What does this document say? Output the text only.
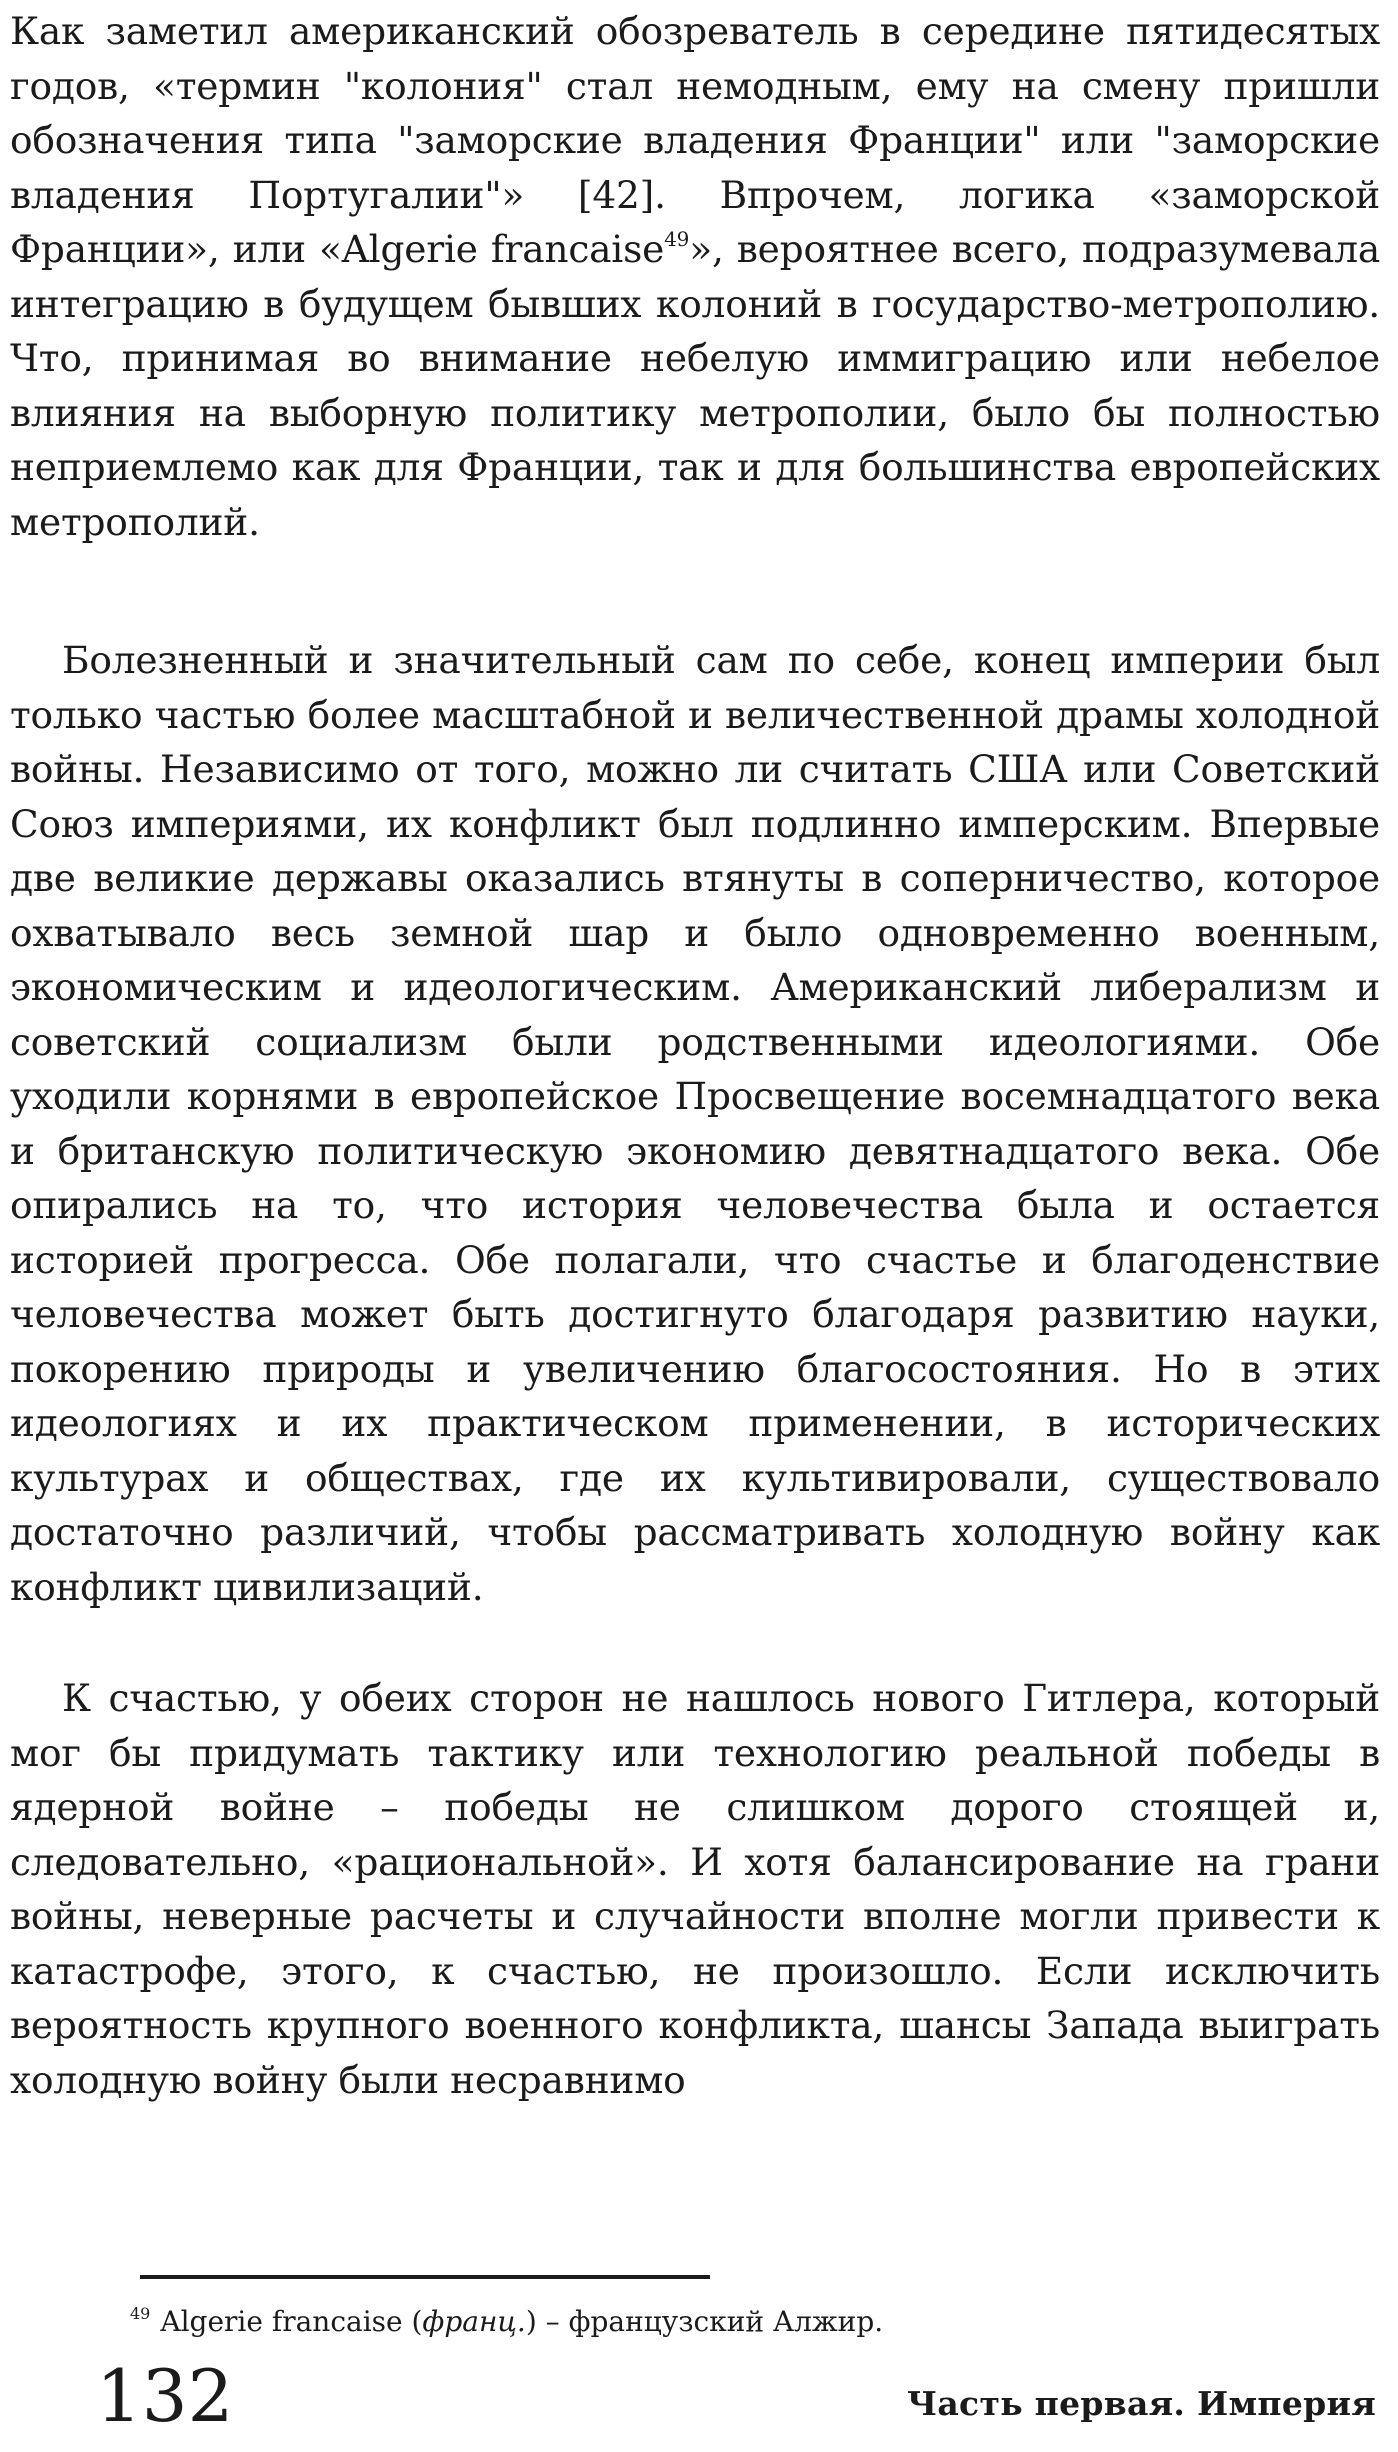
Как заметил американский обозреватель в середине пятидесятых годов, «термин "колония" стал немодным, ему на смену пришли обозначения типа "заморские владения Франции" или "заморские владения Португалии"» [42]. Впрочем, логика «заморской Франции», или «Algerie francaise$^{49}$», вероятнее всего, подразумевала интеграцию в будущем бывших колоний в государство-метрополию. Что, принимая во внимание небелую иммиграцию или небелое влияния на выборную политику метрополии, было бы полностью неприемлемо как для Франции, так и для большинства европейских метрополий.

Болезненный и значительный сам по себе, конец империи был только частью более масштабной и величественной драмы холодной войны. Независимо от того, можно ли считать США или Советский Союз империями, их конфликт был подлинно имперским. Впервые две великие державы оказались втянуты в соперничество, которое охватывало весь земной шар и было одновременно военным, экономическим и идеологическим. Американский либерализм и советский социализм были родственными идеологиями. Обе уходили корнями в европейское Просвещение восемнадцатого века и британскую политическую экономию девятнадцатого века. Обе опирались на то, что история человечества была и остается историей прогресса. Обе полагали, что счастье и благоденствие человечества может быть достигнуто благодаря развитию науки, покорению природы и увеличению благосостояния. Но в этих идеологиях и их практическом применении, в исторических культурах и обществах, где их культивировали, существовало достаточно различий, чтобы рассматривать холодную войну как конфликт цивилизаций.

К счастью, у обеих сторон не нашлось нового Гитлера, который мог бы придумать тактику или технологию реальной победы в ядерной войне – победы не слишком дорого стоящей и, следовательно, «рациональной». И хотя балансирование на грани войны, неверные расчеты и случайности вполне могли привести к катастрофе, этого, к счастью, не произошло. Если исключить вероятность крупного военного конфликта, шансы Запада выиграть холодную войну были несравнимо

$^{49}$ Algerie francaise (франц.) – французский Алжир.

132	Часть первая. Империя
